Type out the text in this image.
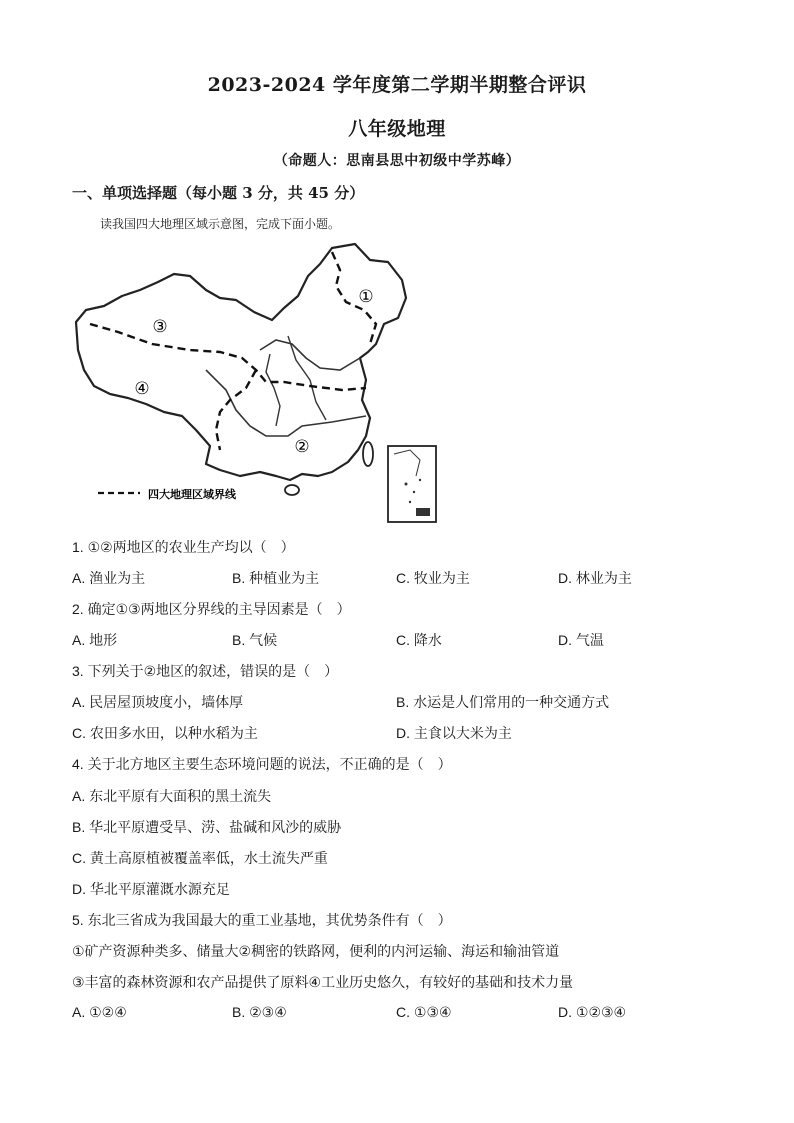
2023-2024 学年度第二学期半期整合评识
八年级地理
（命题人：思南县思中初级中学苏峰）
一、单项选择题（每小题 3 分，共 45 分）
读我国四大地理区域示意图，完成下面小题。
①
②
③
④
四大地理区域界线
1. ①②两地区的农业生产均以（　）
A. 渔业为主	B. 种植业为主	C. 牧业为主	D. 林业为主
2. 确定①③两地区分界线的主导因素是（　）
A. 地形	B. 气候	C. 降水	D. 气温
3. 下列关于②地区的叙述，错误的是（　）
A. 民居屋顶坡度小，墙体厚	B. 水运是人们常用的一种交通方式
C. 农田多水田，以种水稻为主	D. 主食以大米为主
4. 关于北方地区主要生态环境问题的说法，不正确的是（　）
A. 东北平原有大面积的黑土流失
B. 华北平原遭受旱、涝、盐碱和风沙的威胁
C. 黄土高原植被覆盖率低，水土流失严重
D. 华北平原灌溉水源充足
5. 东北三省成为我国最大的重工业基地，其优势条件有（　）
①矿产资源种类多、储量大②稠密的铁路网，便利的内河运输、海运和输油管道
③丰富的森林资源和农产品提供了原料④工业历史悠久，有较好的基础和技术力量
A. ①②④	B. ②③④	C. ①③④	D. ①②③④
